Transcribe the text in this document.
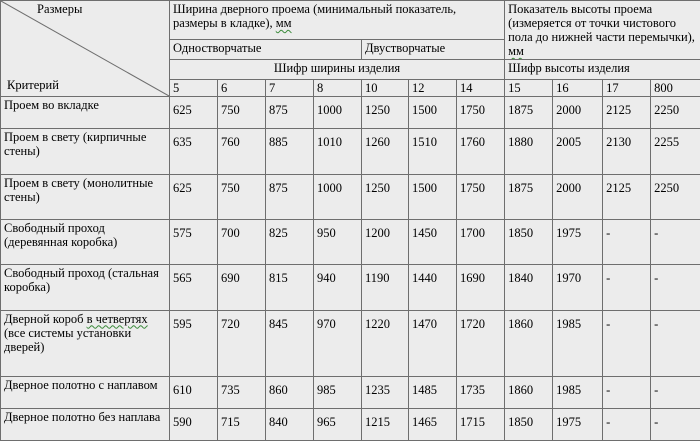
Размеры
Критерий	Ширина дверного проема (минимальный показатель, размеры в кладке), мм							Показатель высоты проема (измеряется от точки чистового пола до нижней части перемычки), мм			
	Одностворчатые				Двустворчатые						
	Шифр ширины изделия							Шифр высоты изделия			
	5	6	7	8	10	12	14	15	16	17	800
Проем во вкладке	625	750	875	1000	1250	1500	1750	1875	2000	2125	2250
Проем в свету (кирпичные стены)	635	760	885	1010	1260	1510	1760	1880	2005	2130	2255
Проем в свету (монолитные стены)	625	750	875	1000	1250	1500	1750	1875	2000	2125	2250
Свободный проход (деревянная коробка)	575	700	825	950	1200	1450	1700	1850	1975	-	-
Свободный проход (стальная коробка)	565	690	815	940	1190	1440	1690	1840	1970	-	-
Дверной короб в четвертях (все системы установки дверей)	595	720	845	970	1220	1470	1720	1860	1985	-	-
Дверное полотно с наплавом	610	735	860	985	1235	1485	1735	1860	1985	-	-
Дверное полотно без наплава	590	715	840	965	1215	1465	1715	1850	1975	-	-
